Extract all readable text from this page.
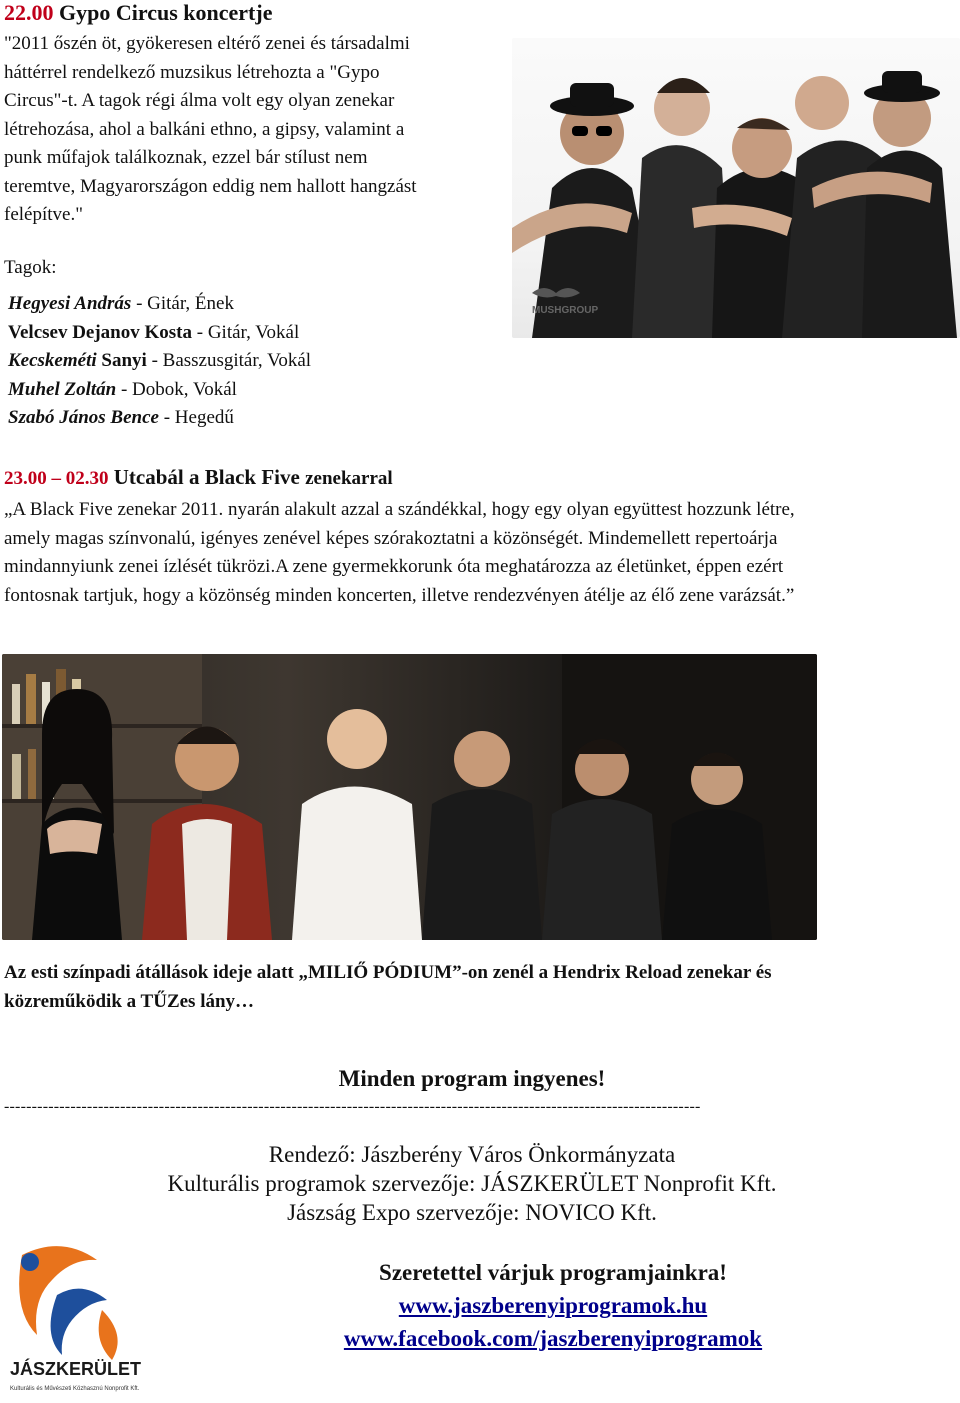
22.00 Gypo Circus koncertje
"2011 őszén öt, gyökeresen eltérő zenei és társadalmi
háttérrel rendelkező muzsikus létrehozta a "Gypo
Circus"-t. A tagok régi álma volt egy olyan zenekar
létrehozása, ahol a balkáni ethno, a gipsy, valamint a
punk műfajok találkoznak, ezzel bár stílust nem
teremtve, Magyarországon eddig nem hallott hangzást
felépítve."
Tagok:
Hegyesi András - Gitár, Ének
Velcsev Dejanov Kosta - Gitár, Vokál
Kecskeméti Sanyi - Basszusgitár, Vokál
Muhel Zoltán - Dobok, Vokál
Szabó János Bence - Hegedű
MUSHGROUP
23.00 – 02.30 Utcabál a Black Five zenekarral
„A Black Five zenekar 2011. nyarán alakult azzal a szándékkal, hogy egy olyan együttest hozzunk létre,
amely magas színvonalú, igényes zenével képes szórakoztatni a közönségét. Mindemellett repertoárja
mindannyiunk zenei ízlését tükrözi.A zene gyermekkorunk óta meghatározza az életünket, éppen ezért
fontosnak tartjuk, hogy a közönség minden koncerten, illetve rendezvényen átélje az élő zene varázsát.”
Az esti színpadi átállások ideje alatt „MILIŐ PÓDIUM”-on zenél a Hendrix Reload zenekar és
közreműködik a TŰZes lány…
Minden program ingyenes!
------------------------------------------------------------------------------------------------------------------------------
Rendező: Jászberény Város Önkormányzata
Kulturális programok szervezője: JÁSZKERÜLET Nonprofit Kft.
Jászság Expo szervezője: NOVICO Kft.
Szeretettel várjuk programjainkra!
www.jaszberenyiprogramok.hu
www.facebook.com/jaszberenyiprogramok
JÁSZKERÜLET
Kulturális és Művészeti Közhasznú Nonprofit Kft.
